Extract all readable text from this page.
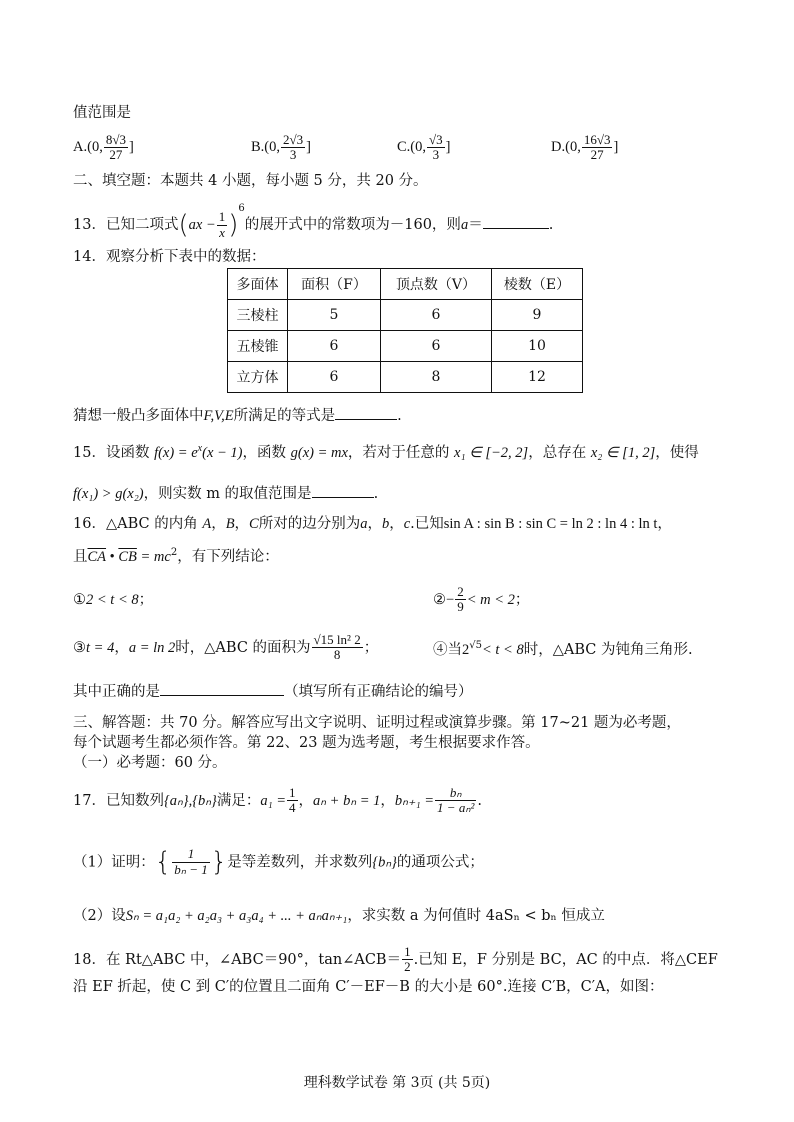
值范围是
A.(0, $\frac{8√3}{27}$ ]	B.(0, $\frac{2√3}{3}$ ]	C.(0, $\frac{√3}{3}$ ]	D.(0, $\frac{16√3}{27}$ ]
二、填空题：本题共 4 小题，每小题 5 分，共 20 分。
13．已知二项式$(ax - \frac{1}{x} )^6$的展开式中的常数项为－160，则a＝	.
14．观察分析下表中的数据：
多面体	面积（F）	顶点数（V）	棱数（E）
三棱柱	5	6	9
五棱锥	6	6	10
立方体	6	8	12
猜想一般凸多面体中F,V,E所满足的等式是	.
15．设函数 $f(x) = e^x(x - 1)$，函数 g(x) = mx，若对于任意的 x₁ ∈ [−2, 2]，总存在 x₂ ∈ [1, 2]，使得
f(x₁) > g(x₂)，则实数 m 的取值范围是	.
16．△ABC 的内角 A，B，C所对的边分别为a，b，c.已知sin A : sin B : sin C = ln 2 : ln 4 : ln t，
且$\overline{CA}$ • $\overline{CB} = mc^2$，有下列结论：
①2 < t < 8；	②− $\frac{2}{9} < m < 2$；
③t = 4，a = ln 2时，△ABC 的面积为 $\frac{\text{√15 ln² 2}}{8}$ ；	④当$2^{√5}< t < 8$时，△ABC 为钝角三角形.
其中正确的是	（填写所有正确结论的编号）
三、解答题：共 70 分。解答应写出文字说明、证明过程或演算步骤。第 17~21 题为必考题，
每个试题考生都必须作答。第 22、23 题为选考题，考生根据要求作答。
（一）必考题：60 分。
17．已知数列{aₙ},{bₙ}满足：$a_1 = \frac{1}{4}$ ，aₙ + bₙ = 1，$b_{n+1} = \frac{\text{bₙ}}{\text{1 − aₙ²}}$ .
（1）证明：{ $\frac{1}{\text{bₙ − 1}}$ }是等差数列，并求数列{bₙ}的通项公式；
（2）设Sₙ = a₁a₂ + a₂a₃ + a₃a₄ + ... + aₙaₙ₊₁，求实数 a 为何值时 4aSₙ < bₙ 恒成立
18．在 Rt△ABC 中，∠ABC＝90°，tan∠ACB＝ $\frac{1}{2}$ .已知 E，F 分别是 BC，AC 的中点．将△CEF
沿 EF 折起，使 C 到 C′的位置且二面角 C′－EF－B 的大小是 60°.连接 C′B，C′A，如图：
理科数学试卷 第 3页 (共 5页)
